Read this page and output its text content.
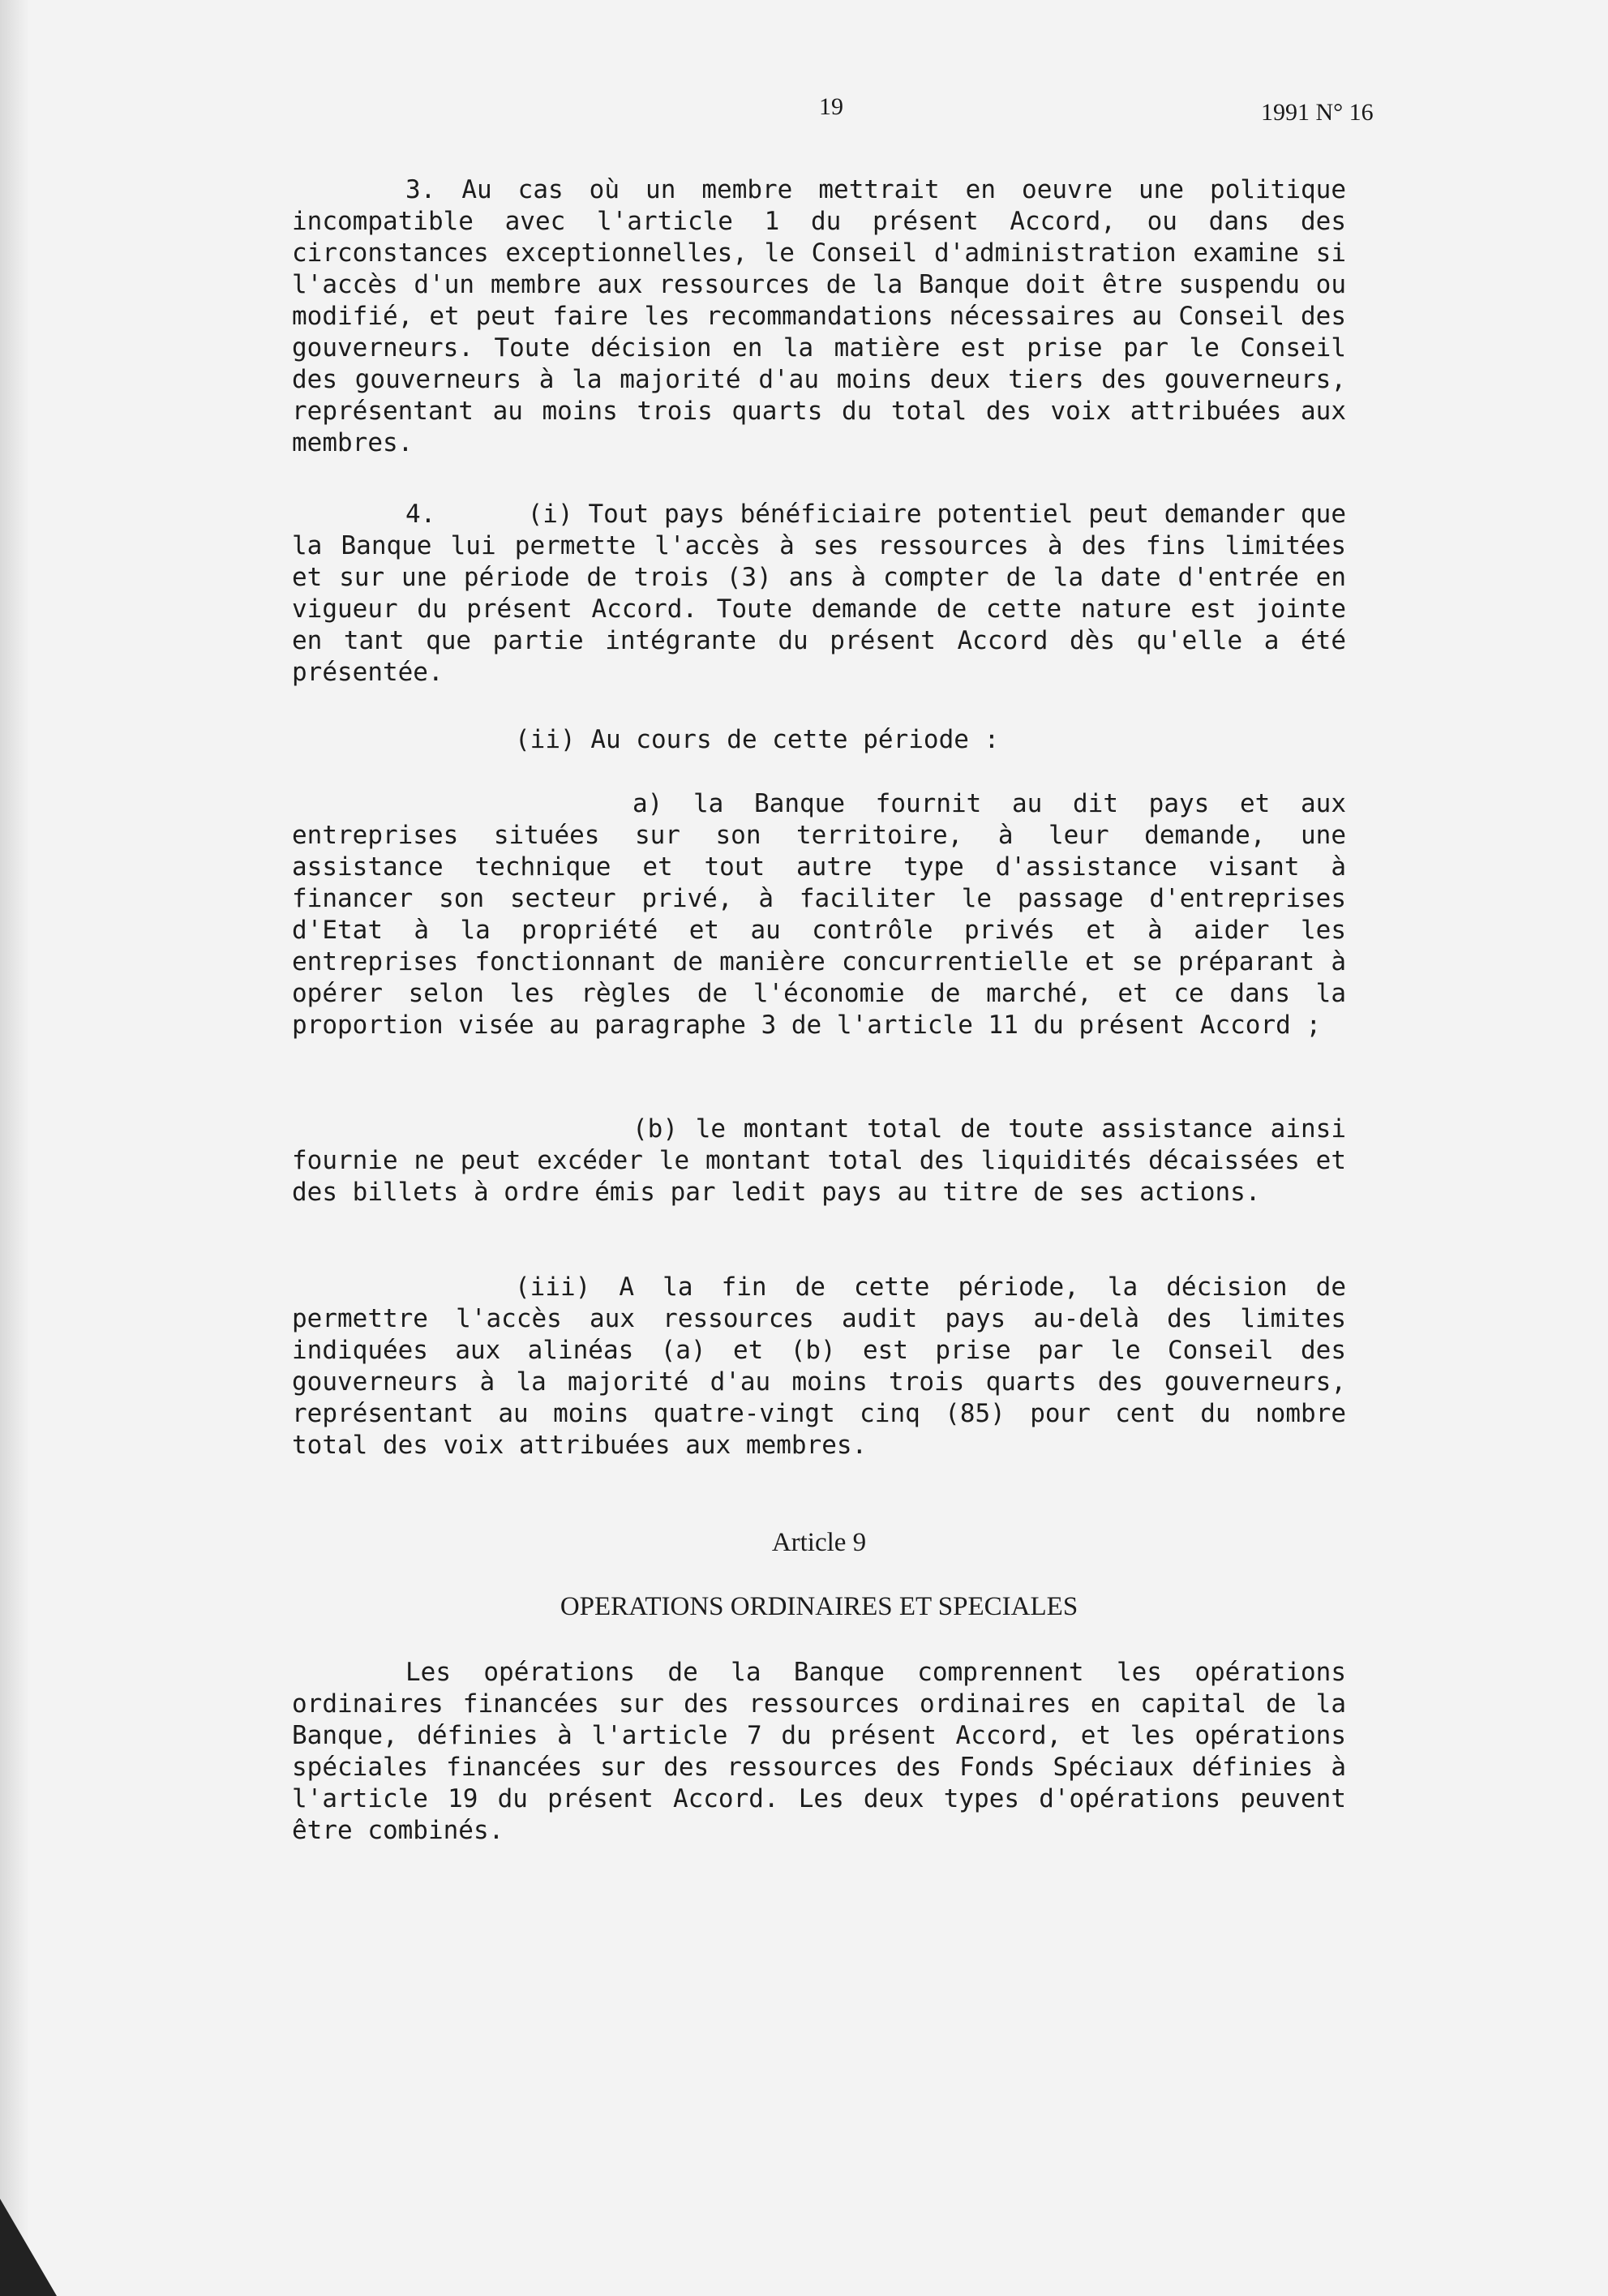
19	1991 N° 16

3. Au cas où un membre mettrait en oeuvre une politique incompatible avec l'article 1 du présent Accord, ou dans des circonstances exceptionnelles, le Conseil d'administration examine si l'accès d'un membre aux ressources de la Banque doit être suspendu ou modifié, et peut faire les recommandations nécessaires au Conseil des gouverneurs. Toute décision en la matière est prise par le Conseil des gouverneurs à la majorité d'au moins deux tiers des gouverneurs, représentant au moins trois quarts du total des voix attribuées aux membres.

4.      (i) Tout pays bénéficiaire potentiel peut demander que la Banque lui permette l'accès à ses ressources à des fins limitées et sur une période de trois (3) ans à compter de la date d'entrée en vigueur du présent Accord. Toute demande de cette nature est jointe en tant que partie intégrante du présent Accord dès qu'elle a été présentée.

(ii) Au cours de cette période :

a) la Banque fournit au dit pays et aux entreprises situées sur son territoire, à leur demande, une assistance technique et tout autre type d'assistance visant à financer son secteur privé, à faciliter le passage d'entreprises d'Etat à la propriété et au contrôle privés et à aider les entreprises fonctionnant de manière concurrentielle et se préparant à opérer selon les règles de l'économie de marché, et ce dans la proportion visée au paragraphe 3 de l'article 11 du présent Accord ;

(b) le montant total de toute assistance ainsi fournie ne peut excéder le montant total des liquidités décaissées et des billets à ordre émis par ledit pays au titre de ses actions.

(iii) A la fin de cette période, la décision de permettre l'accès aux ressources audit pays au-delà des limites indiquées aux alinéas (a) et (b) est prise par le Conseil des gouverneurs à la majorité d'au moins trois quarts des gouverneurs, représentant au moins quatre-vingt cinq (85) pour cent du nombre total des voix attribuées aux membres.

Article 9
OPERATIONS ORDINAIRES ET SPECIALES

Les opérations de la Banque comprennent les opérations ordinaires financées sur des ressources ordinaires en capital de la Banque, définies à l'article 7 du présent Accord, et les opérations spéciales financées sur des ressources des Fonds Spéciaux définies à l'article 19 du présent Accord. Les deux types d'opérations peuvent être combinés.
